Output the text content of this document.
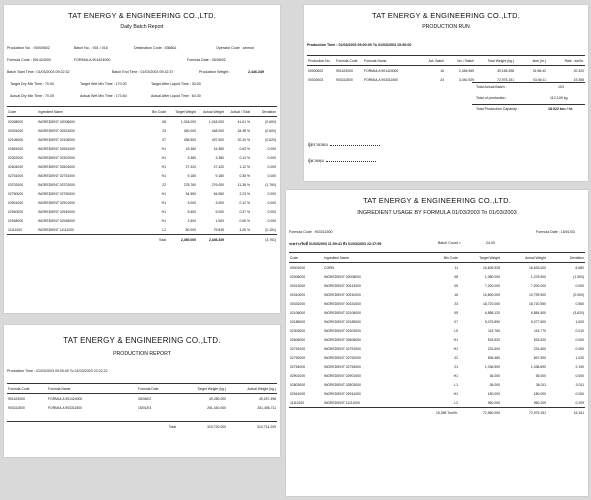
TAT ENERGY & ENGINEERING CO.,LTD.
Daily Batch Report
Production No. : 00000602	Batch No. : 001 / 016	Destination Code : 536661	Operator Code : ammot
Formula Code : 901424000	FORMULA 901424000	Formula Date : 05/08/02
Batch Start Time : 01/03/2003 09:22:32	Batch End Time : 01/03/2003 09:32:37	Production Weight :	2,446.349
Target Dry Mix Time : 70.00	Target Wet Mix Time : 170.00	Target After Liquid Time : 30.00
Actual Dry Mix Time : 70.00	Actual Wet Mix Time : 173.60	Actual After Liquid Time : 64.30
Code	Ingredient Name	Bin Code	Target Weight	Actual Weight	Actual / Total	Deviation
02008000	INGREDIENT 02008000	08	1,018.000	1,018.000	41.61 %	(0.600)
00331000	INGREDIENT 00331000	23	450.000	448.000	18.38 %	(0.600)
02106000	INGREDIENT 02106000	07	498.500	497.500	20.34 %	(0.620)
02651000	INGREDIENT 02651000	H1	15.360	15.380	0.63 %	0.000
02302000	INGREDIENT 02302000	H1	3.380	3.380	0.14 %	0.000
02604000	INGREDIENT 02604000	H1	27.420	27.420	1.12 %	0.000
02751000	INGREDIENT 02751000	H1	9.180	9.180	0.38 %	0.000
03702000	INGREDIENT 03702000	22	278.760	276.000	11.38 %	(1.760)
02750000	INGREDIENT 02750000	H1	54.550	54.550	2.23 %	0.000
02901000	INGREDIENT 02901000	H1	3.000	3.000	0.12 %	0.000
02940000	INGREDIENT 02940000	H1	9.600	9.000	0.37 %	0.000
02948000	INGREDIENT 02948000	H1	1.500	1.500	0.06 %	0.000
11111000	INGREDIENT 11111000	L2	80.000	79.849	3.26 %	(0.151)
		Total	2,450.000	2,446.349		(3.761)
TAT ENERGY & ENGINEERING CO.,LTD.
PRODUCTION REPORT
Production Time : 01/03/2003 09:00:00 To 01/03/2003 22:22:22
Formula Code	Formula Name	Formula Date	Target Weight (kg.)	Actual Weight (kg.)
901424000	FORMULA 901424000	05/06/02	49,280.000	49,257.498
903311500	FORMULA 903311500	15/01/03	261,440.000	261,456.711

		Total	310,720.000	310,714.209
TAT ENERGY & ENGINEERING CO.,LTD.
PRODUCTION RUN
Production Time : 01/03/2003 09:00:00 To 01/03/2003 15:30:00
Production No.	Formula Code	Formula Name	Act. Batch	No. / Batch	Total Weight (kg.)	time (hr.)	Rate : ton/hr.
00000602	901424000	FORMULA 901424000	16	2,446.969	39,165.498	01:56:42	20.320
00002603	903311500	FORMULA 903311500	24	3,040.929	72,975.151	03:46:11	19.358
Total Actual Batch :	103
Total of production :	112,109 kg.
Total Production Capacity :	18.022 ton / hr.
ผู้ตรวจสอบ
ผู้ควบคุม
TAT ENERGY & ENGINEERING CO.,LTD.
INGREDIENT USAGE BY FORMULA 01/03/2003 To 01/03/2003
Formula Code : 903311500	Formula Date : 15/01/03
ระหว่างวันที่ 01/03/2003 11:59:41 ถึง 01/03/2003 22:17:59	Batch Count =	24.00
Code	Ingredient Name	Bin Code	Target Weight	Actual Weight	Deviation
00001000	CORN	11	16,605.528	16,633.000	6.680
02008000	INGREDIENT 02008000	08	1,080.000	1,078.500	(1.500)
00313000	INGREDIENT 00313000	05	7,200.000	7,200.000	0.000
00310000	INGREDIENT 00310000	16	10,800.000	10,799.500	(0.500)
00331000	INGREDIENT 00331000	23	18,720.000	18,720.550	0.550
02106000	INGREDIENT 02106000	09	6,888.120	6,884.500	(3.620)
02185000	INGREDIENT 02185000	07	5,075.890	5,077.500	1.620
02303000	INGREDIENT 02303000	L5	115.760	115.770	0.010
02606000	INGREDIENT 02606000	H1	533.520	533.520	0.000
02751000	INGREDIENT 02751000	H1	231.600	231.600	0.000
02752000	INGREDIENT 02752000	22	836.480	837.500	1.020
02754000	INGREDIENT 02754000	21	1,036.500	1,038.690	2.190
02901000	INGREDIENT 02901000	H1	36.000	36.000	0.000
02803000	INGREDIENT 02803000	L1	36.000	36.011	0.011
02941000	INGREDIENT 02941000	H1	180.000	180.000	0.000
11111000	INGREDIENT 11111000	L2	960.000	960.209	0.209
		15,358 Ton/Hr.	72,960.000	72,975.151	15.151
